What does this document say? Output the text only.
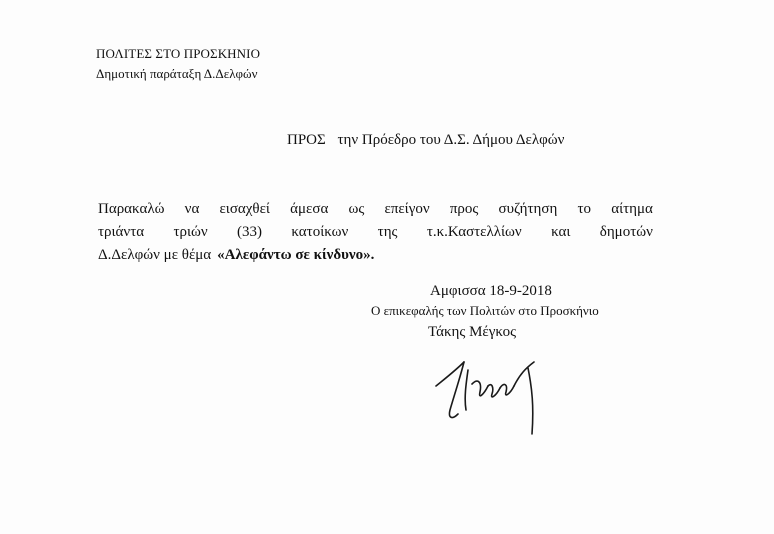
ΠΟΛΙΤΕΣ ΣΤΟ ΠΡΟΣΚΗΝΙΟ
Δημοτική παράταξη Δ.Δελφών
ΠΡΟΣ την Πρόεδρο του Δ.Σ. Δήμου Δελφών
Παρακαλώ να εισαχθεί άμεσα ως επείγον προς συζήτηση το αίτημα
τριάντα τριών (33) κατοίκων της τ.κ.Καστελλίων και δημοτών
Δ.Δελφών με θέμα «Αλεφάντω σε κίνδυνο».
Αμφισσα 18-9-2018
Ο επικεφαλής των Πολιτών στο Προσκήνιο
Τάκης Μέγκος
